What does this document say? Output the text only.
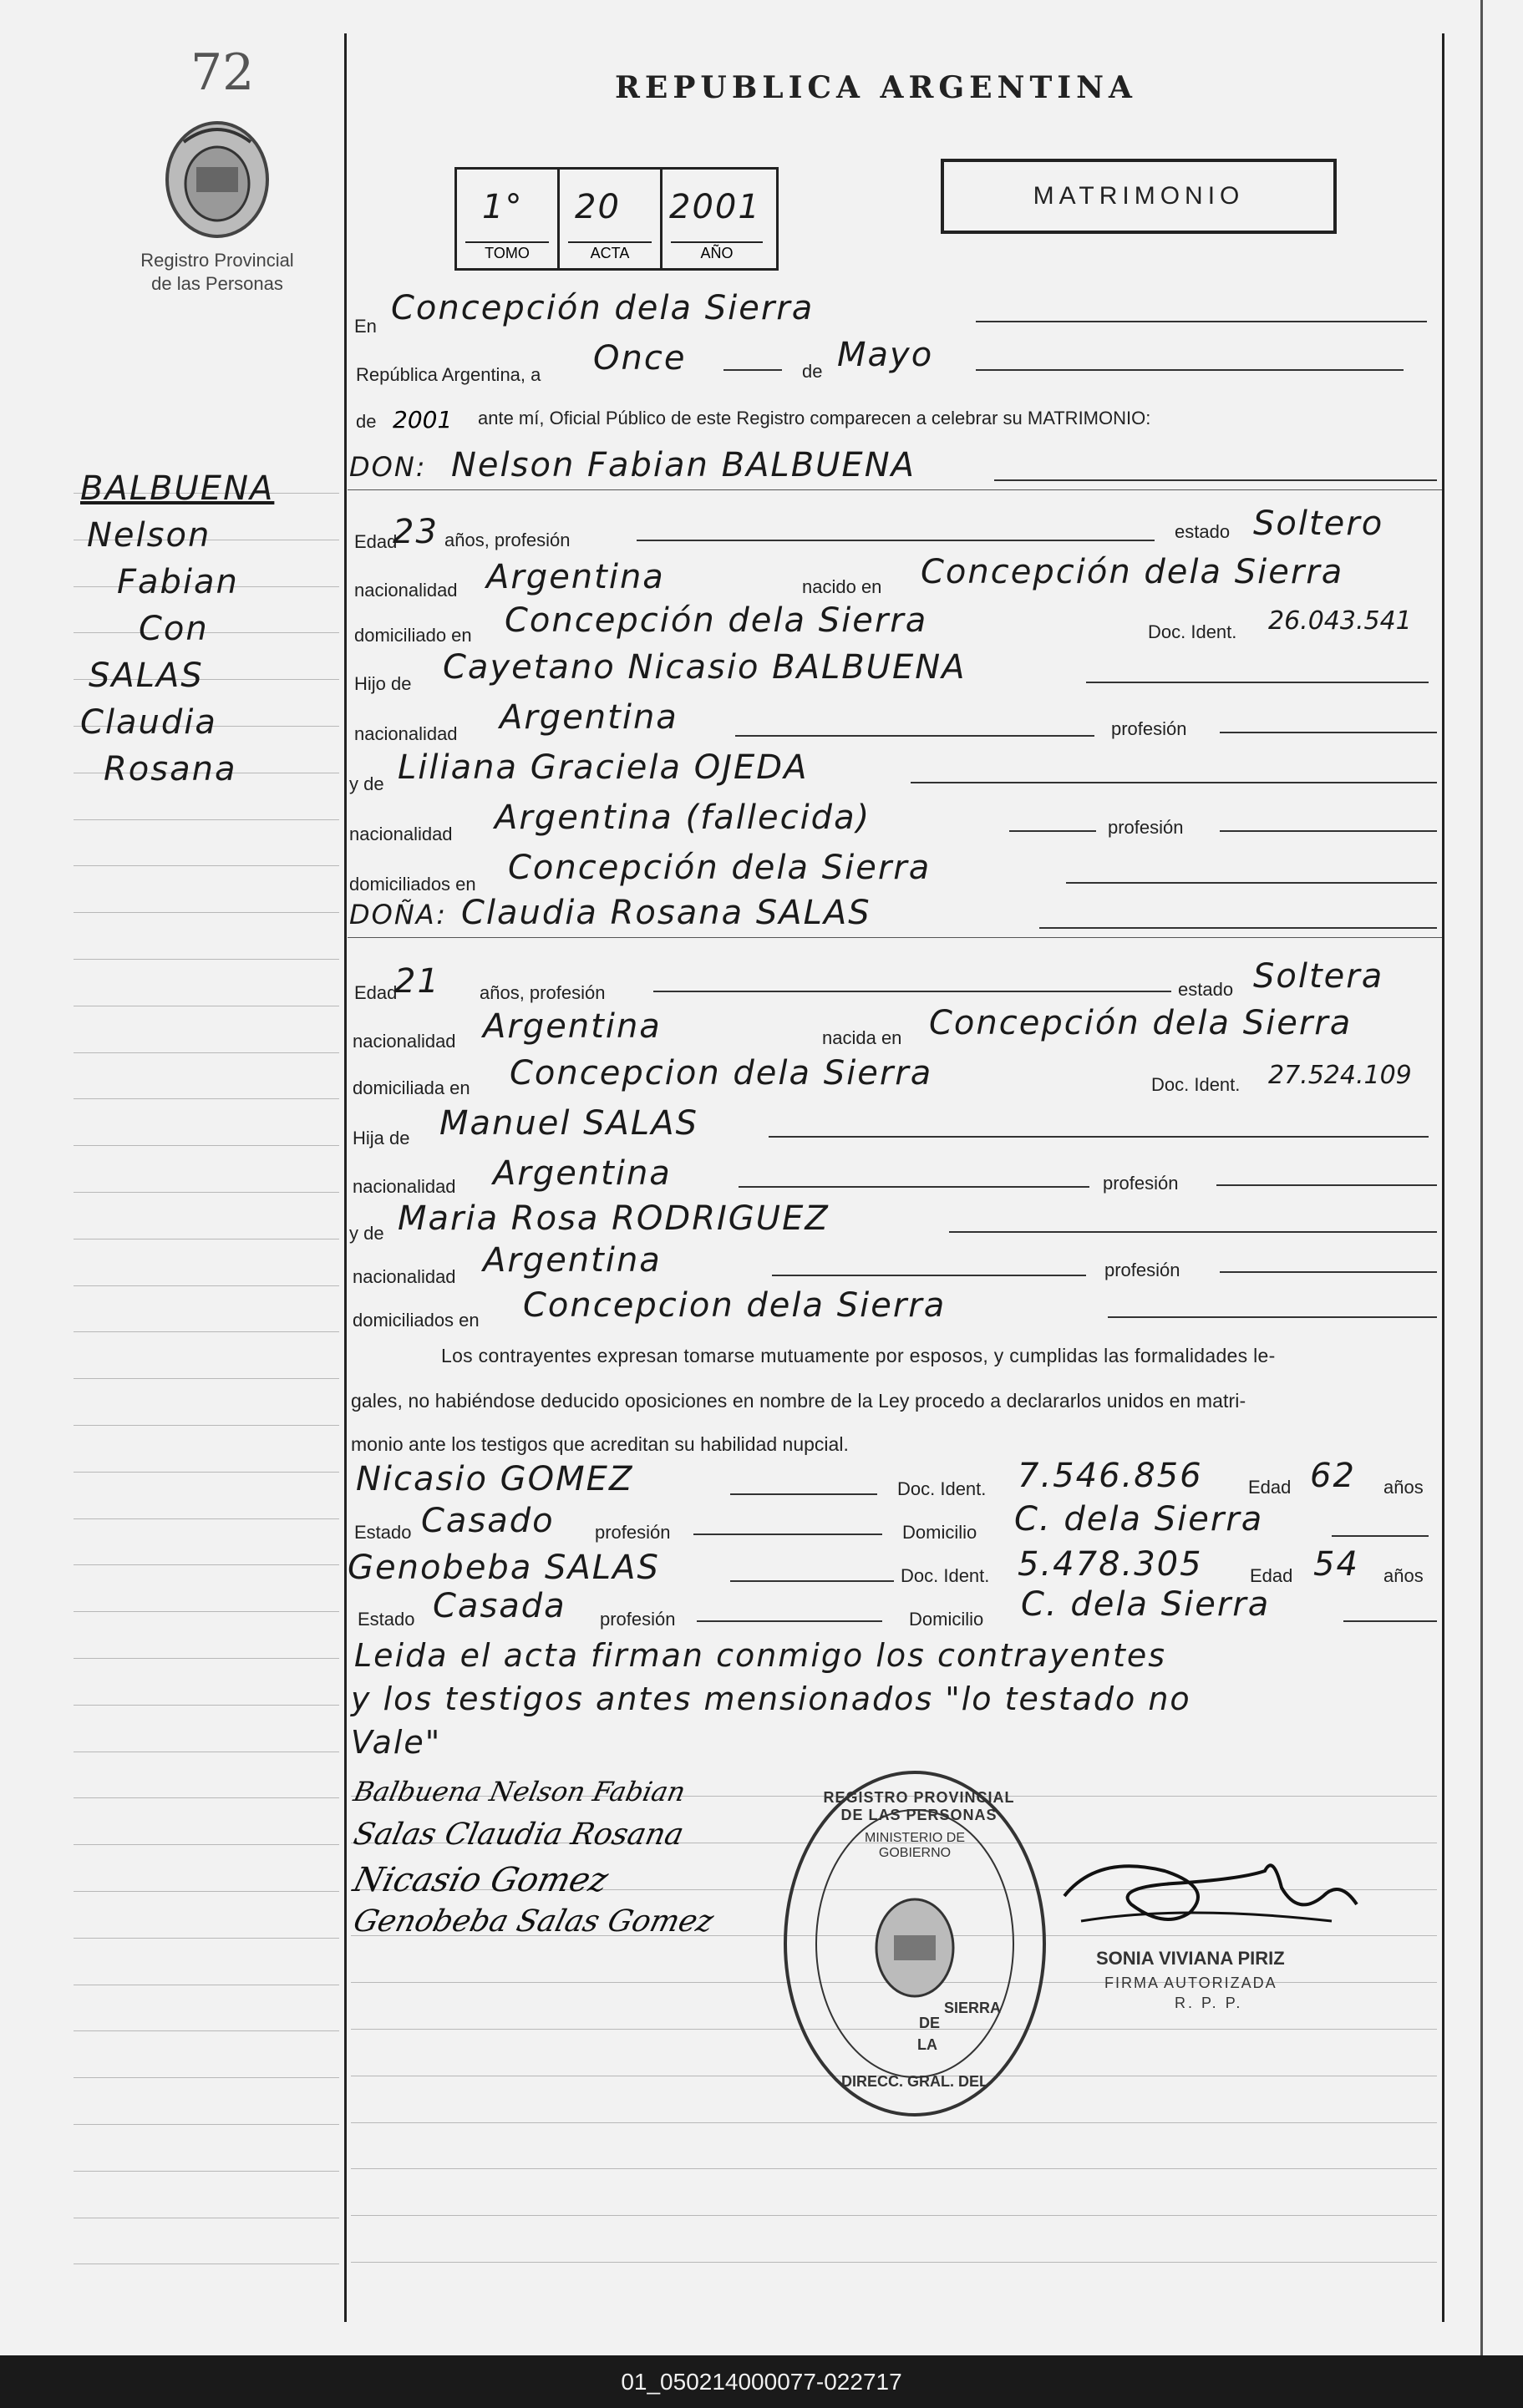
72
Registro Provincial
de las Personas
REPUBLICA ARGENTINA
1°
TOMO
20
ACTA
2001
AÑO
MATRIMONIO
BALBUENA
Nelson
Fabian
Con
SALAS
Claudia
Rosana
En Concepción dela Sierra
República Argentina, a Once	de Mayo
de 2001 ante mí, Oficial Público de este Registro comparecen a celebrar su MATRIMONIO:
DON: Nelson Fabian BALBUENA
Edad
23 años, profesión	estado Soltero
nacionalidad Argentina	nacido en Concepción dela Sierra
domiciliado en Concepción dela Sierra	Doc. Ident. 26.043.541
Hijo de Cayetano Nicasio BALBUENA
nacionalidad Argentina	profesión
y de Liliana Graciela OJEDA
nacionalidad Argentina (fallecida)	profesión
domiciliados en Concepción dela Sierra
DOÑA: Claudia Rosana SALAS
Edad
21 años, profesión	estado Soltera
nacionalidad Argentina	nacida en Concepción dela Sierra
domiciliada en Concepcion dela Sierra	Doc. Ident. 27.524.109
Hija de Manuel SALAS
nacionalidad Argentina	profesión
y de Maria Rosa RODRIGUEZ
nacionalidad Argentina	profesión
domiciliados en Concepcion dela Sierra
Los contrayentes expresan tomarse mutuamente por esposos, y cumplidas las formalidades le-
gales, no habiéndose deducido oposiciones en nombre de la Ley procedo a declararlos unidos en matri-
monio ante los testigos que acreditan su habilidad nupcial.
Nicasio GOMEZ	Doc. Ident. 7.546.856 Edad 62 años
Estado Casado profesión	Domicilio C. dela Sierra
Genobeba SALAS	Doc. Ident. 5.478.305	Edad 54 años
Estado Casada profesión	Domicilio C. dela Sierra
Leida el acta firman conmigo los contrayentes
y los testigos antes mensionados "lo testado no
Vale"
Balbuena Nelson Fabian
Salas Claudia Rosana
Nicasio Gomez
Genobeba Salas Gomez
REGISTRO PROVINCIAL DE LAS PERSONAS
MINISTERIO DE GOBIERNO
DE
LA
SIERRA
DIRECC. GRAL. DEL
SONIA VIVIANA PIRIZ
FIRMA AUTORIZADA
R. P. P.
01_050214000077-022717
